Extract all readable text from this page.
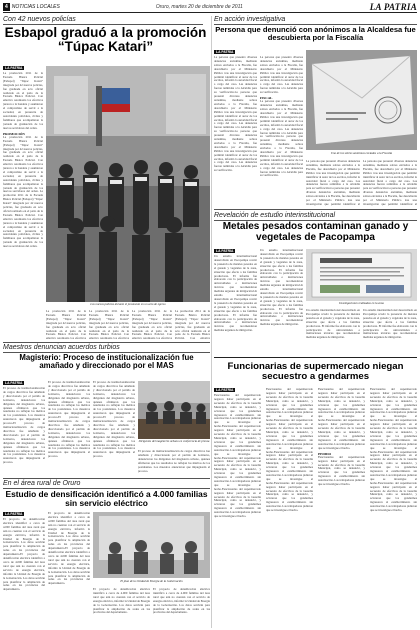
4 NOTICIAS LOCALES	Oruro, martes 20 de diciembre de 2011	LA PATRIA
Con 42 nuevos policías
Esbapol graduó a la promoción “Túpac Katari”
LA PATRIA
La promoción 2011 de la Escuela Básica Policial (Esbapol) "Túpac Katari" integrada por 42 nuevos policías, fue graduada en acto oficial realizado en el patio de la Escuela Básica Policial. Con emotiva ceremonia los efectivos juraron a la bandera y asumieron el compromiso de servir a la sociedad, en presencia de autoridades policiales, civiles y familiares que acompañaron la jornada de graduación de los nuevos servidores del orden.
PROMOCIÓN
La promoción 2011 de la Escuela Básica Policial (Esbapol) "Túpac Katari" integrada por 42 nuevos policías, fue graduada en acto oficial realizado en el patio de la Escuela Básica Policial. Con emotiva ceremonia los efectivos juraron a la bandera y asumieron el compromiso de servir a la sociedad, en presencia de autoridades policiales, civiles y familiares que acompañaron la jornada de graduación de los nuevos servidores del orden. La promoción 2011 de la Escuela Básica Policial (Esbapol) "Túpac Katari" integrada por 42 nuevos policías, fue graduada en acto oficial realizado en el patio de la Escuela Básica Policial. Con emotiva ceremonia los efectivos juraron a la bandera y asumieron el compromiso de servir a la sociedad, en presencia de autoridades policiales, civiles y familiares que acompañaron la jornada de graduación de los nuevos servidores del orden.
Los nuevos policías durante el juramento en un acto de egreso
La promoción 2011 de la Escuela Básica Policial (Esbapol) "Túpac Katari" integrada por 42 nuevos policías, fue graduada en acto oficial realizado en el patio de la Escuela Básica Policial. Con emotiva ceremonia los efectivos
La promoción 2011 de la Escuela Básica Policial (Esbapol) "Túpac Katari" integrada por 42 nuevos policías, fue graduada en acto oficial realizado en el patio de la Escuela Básica Policial. Con emotiva ceremonia los efectivos
La promoción 2011 de la Escuela Básica Policial (Esbapol) "Túpac Katari" integrada por 42 nuevos policías, fue graduada en acto oficial realizado en el patio de la Escuela Básica Policial. Con emotiva ceremonia los efectivos
La promoción 2011 de la Escuela Básica Policial (Esbapol) "Túpac Katari" integrada por 42 nuevos policías, fue graduada en acto oficial realizado en el patio de la Escuela Básica Policial. Con emotiva
En acción investigativa
Persona que denunció con anónimos a la Alcaldesa fue descubierta por la Fiscalía
LA PATRIA
La persona que presentó diversas denuncias anónimas, mediante sobres enviados a la Fiscalía, fue descubierta por el Ministerio Público tras una investigación que permitió identificar al autor de los escritos, informó la autoridad fiscal a cargo del caso. Las denuncias fueron remitidas a la Alcaldía para su verificación.La persona que presentó diversas denuncias anónimas, mediante sobres enviados a la Fiscalía, fue descubierta por el Ministerio Público tras una investigación que permitió identificar al autor de los escritos, informó la autoridad fiscal a cargo del caso. Las denuncias fueron remitidas a la Alcaldía para su verificación.La persona que presentó diversas denuncias anónimas, mediante sobres enviados a la Fiscalía, fue descubierta por el Ministerio Público tras una investigación que permitió identificar al autor de los escritos, informó la autoridad fiscal a cargo del caso. Las denuncias fueron remitidas a la Alcaldía para su verificación.
La persona que presentó diversas denuncias anónimas, mediante sobres enviados a la Fiscalía, fue descubierta por el Ministerio Público tras una investigación que permitió identificar al autor de los escritos, informó la autoridad fiscal a cargo del caso. Las denuncias fueron remitidas a la Alcaldía para su verificación.
FISCAL
La persona que presentó diversas denuncias anónimas, mediante sobres enviados a la Fiscalía, fue descubierta por el Ministerio Público tras una investigación que permitió identificar al autor de los escritos, informó la autoridad fiscal a cargo del caso. Las denuncias fueron remitidas a la Alcaldía para su verificación.La persona que presentó diversas denuncias anónimas, mediante sobres enviados a la Fiscalía, fue descubierta por el Ministerio Público tras una investigación que permitió identificar al autor de los escritos, informó la autoridad fiscal a cargo del caso. Las denuncias fueron remitidas a la Alcaldía para su verificación.
Uno de los sobres anónimos enviados a la Fiscalía
La persona que presentó diversas denuncias anónimas, mediante sobres enviados a la Fiscalía, fue descubierta por el Ministerio Público tras una investigación que permitió identificar al autor de los escritos, informó la autoridad fiscal a cargo del caso. Las denuncias fueron remitidas a la Alcaldía para su verificación.La persona que presentó diversas denuncias anónimas, mediante sobres enviados a la Fiscalía, fue descubierta por el Ministerio Público tras una investigación que permitió identificar al
La persona que presentó diversas denuncias anónimas, mediante sobres enviados a la Fiscalía, fue descubierta por el Ministerio Público tras una investigación que permitió identificar al autor de los escritos, informó la autoridad fiscal a cargo del caso. Las denuncias fueron remitidas a la Alcaldía para su verificación.La persona que presentó diversas denuncias anónimas, mediante sobres enviados a la Fiscalía, fue descubierta por el Ministerio Público tras una investigación que permitió identificar al
Revelación de estudio interinstitucional
Metales pesados contaminan ganado y vegetales de Pacopampa
LA PATRIA
Un estudio interinstitucional desarrollado en Pacopampa reveló la presencia de metales pesados en el ganado y vegetales de la zona, situación que afecta a las familias productoras. El informe fue elaborado con la participación de universidades e instituciones técnicas que recomendaron medidas urgentes de mitigación.Un estudio interinstitucional desarrollado en Pacopampa reveló la presencia de metales pesados en el ganado y vegetales de la zona, situación que afecta a las familias productoras. El informe fue elaborado con la participación de universidades e instituciones técnicas que recomendaron medidas urgentes de mitigación.
Un estudio interinstitucional desarrollado en Pacopampa reveló la presencia de metales pesados en el ganado y vegetales de la zona, situación que afecta a las familias productoras. El informe fue elaborado con la participación de universidades e instituciones técnicas que recomendaron medidas urgentes de mitigación.Un estudio interinstitucional desarrollado en Pacopampa reveló la presencia de metales pesados en el ganado y vegetales de la zona, situación que afecta a las familias productoras. El informe fue elaborado con la participación de universidades e instituciones técnicas que recomendaron medidas urgentes de mitigación.
Investigaciones realizadas en la zona
Un estudio interinstitucional desarrollado en Pacopampa reveló la presencia de metales pesados en el ganado y vegetales de la zona, situación que afecta a las familias productoras. El informe fue elaborado con la participación de universidades e instituciones técnicas que recomendaron medidas urgentes de mitigación.
Un estudio interinstitucional desarrollado en Pacopampa reveló la presencia de metales pesados en el ganado y vegetales de la zona, situación que afecta a las familias productoras. El informe fue elaborado con la participación de universidades e instituciones técnicas que recomendaron medidas urgentes de mitigación.
Maestros denuncian acuerdos turbios
Magisterio: Proceso de institucionalización fue amañado y direccionado por el MAS
LA PATRIA
El proceso de institucionalización de cargos directivos fue amañado y direccionado por el partido de Gobierno, denunciaron los dirigentes del magisterio urbano, quienes afirmaron que los resultados no reflejan los méritos de los postulantes. Los maestros anunciaron que impugnarán el proceso.El proceso de institucionalización de cargos directivos fue amañado y direccionado por el partido de Gobierno, denunciaron los dirigentes del magisterio urbano, quienes afirmaron que los resultados no reflejan los méritos de los postulantes. Los maestros anunciaron que impugnarán el proceso.
El proceso de institucionalización de cargos directivos fue amañado y direccionado por el partido de Gobierno, denunciaron los dirigentes del magisterio urbano, quienes afirmaron que los resultados no reflejan los méritos de los postulantes. Los maestros anunciaron que impugnarán el proceso.El proceso de institucionalización de cargos directivos fue amañado y direccionado por el partido de Gobierno, denunciaron los dirigentes del magisterio urbano, quienes afirmaron que los resultados no reflejan los méritos de los postulantes. Los maestros anunciaron que impugnarán el proceso.
El proceso de institucionalización de cargos directivos fue amañado y direccionado por el partido de Gobierno, denunciaron los dirigentes del magisterio urbano, quienes afirmaron que los resultados no reflejan los méritos de los postulantes. Los maestros anunciaron que impugnarán el proceso.El proceso de institucionalización de cargos directivos fue amañado y direccionado por el partido de Gobierno, denunciaron los dirigentes del magisterio urbano, quienes afirmaron que los resultados no reflejan los méritos de los postulantes. Los maestros anunciaron que impugnarán el proceso.
Dirigentes del magisterio urbano en conferencia de prensa
El proceso de institucionalización de cargos directivos fue amañado y direccionado por el partido de Gobierno, denunciaron los dirigentes del magisterio urbano, quienes afirmaron que los resultados no reflejan los méritos de los postulantes. Los maestros anunciaron que impugnarán el proceso.
En el área rural de Oruro
Estudio de densificación identificó a 4.000 familias sin servicio eléctrico
LA PATRIA
El proyecto de densificación eléctrica identificó a cerca de 4.000 familias del área rural que aún no cuentan con el servicio de energía eléctrica, informó la Unidad de Energía de la Gobernación. Los datos servirán para planificar la ampliación de redes en las provincias del departamento.El proyecto de densificación eléctrica identificó a cerca de 4.000 familias del área rural que aún no cuentan con el servicio de energía eléctrica, informó la Unidad de Energía de la Gobernación. Los datos servirán para planificar la ampliación de redes en las provincias del departamento.
El proyecto de densificación eléctrica identificó a cerca de 4.000 familias del área rural que aún no cuentan con el servicio de energía eléctrica, informó la Unidad de Energía de la Gobernación. Los datos servirán para planificar la ampliación de redes en las provincias del departamento.El proyecto de densificación eléctrica identificó a cerca de 4.000 familias del área rural que aún no cuentan con el servicio de energía eléctrica, informó la Unidad de Energía de la Gobernación. Los datos servirán para planificar la ampliación de redes en las provincias del departamento.
El plan de la Unidad de Energía de la Gobernación
El proyecto de densificación eléctrica identificó a cerca de 4.000 familias del área rural que aún no cuentan con el servicio de energía eléctrica, informó la Unidad de Energía de la Gobernación. Los datos servirán para planificar la ampliación de redes en las provincias del departamento.
El proyecto de densificación eléctrica identificó a cerca de 4.000 familias del área rural que aún no cuentan con el servicio de energía eléctrica, informó la Unidad de Energía de la Gobernación. Los datos servirán para planificar la ampliación de redes en las provincias del departamento.
Funcionarias de supermercado niegan secuestro a gendarmes
LA PATRIA
Funcionarias del supermercado negaron haber participado en el secuestro de efectivos de la Guardia Municipal, como se denunció, y aclararon que los gendarmes ingresaron al establecimiento sin autorización. Las trabajadoras pidieron que se investigue el hecho.Funcionarias del supermercado negaron haber participado en el secuestro de efectivos de la Guardia Municipal, como se denunció, y aclararon que los gendarmes ingresaron al establecimiento sin autorización. Las trabajadoras pidieron que se investigue el hecho.Funcionarias del supermercado negaron haber participado en el secuestro de efectivos de la Guardia Municipal, como se denunció, y aclararon que los gendarmes ingresaron al establecimiento sin autorización. Las trabajadoras pidieron que se investigue el hecho.Funcionarias del supermercado negaron haber participado en el secuestro de efectivos de la Guardia Municipal, como se denunció, y aclararon que los gendarmes ingresaron al establecimiento sin autorización. Las trabajadoras pidieron que se investigue el hecho.
Funcionarias del supermercado negaron haber participado en el secuestro de efectivos de la Guardia Municipal, como se denunció, y aclararon que los gendarmes ingresaron al establecimiento sin autorización. Las trabajadoras pidieron que se investigue el hecho.Funcionarias del supermercado negaron haber participado en el secuestro de efectivos de la Guardia Municipal, como se denunció, y aclararon que los gendarmes ingresaron al establecimiento sin autorización. Las trabajadoras pidieron que se investigue el hecho.Funcionarias del supermercado negaron haber participado en el secuestro de efectivos de la Guardia Municipal, como se denunció, y aclararon que los gendarmes ingresaron al establecimiento sin autorización. Las trabajadoras pidieron que se investigue el hecho.Funcionarias del supermercado negaron haber participado en el secuestro de efectivos de la Guardia Municipal, como se denunció, y aclararon que los gendarmes ingresaron al establecimiento sin autorización. Las trabajadoras pidieron que se investigue el hecho.
Funcionarias del supermercado negaron haber participado en el secuestro de efectivos de la Guardia Municipal, como se denunció, y aclararon que los gendarmes ingresaron al establecimiento sin autorización. Las trabajadoras pidieron que se investigue el hecho.Funcionarias del supermercado negaron haber participado en el secuestro de efectivos de la Guardia Municipal, como se denunció, y aclararon que los gendarmes ingresaron al establecimiento sin autorización. Las trabajadoras pidieron que se investigue el hecho.
PEDIDO
Funcionarias del supermercado negaron haber participado en el secuestro de efectivos de la Guardia Municipal, como se denunció, y aclararon que los gendarmes ingresaron al establecimiento sin autorización. Las trabajadoras pidieron que se investigue el hecho.
Funcionarias del supermercado negaron haber participado en el secuestro de efectivos de la Guardia Municipal, como se denunció, y aclararon que los gendarmes ingresaron al establecimiento sin autorización. Las trabajadoras pidieron que se investigue el hecho.Funcionarias del supermercado negaron haber participado en el secuestro de efectivos de la Guardia Municipal, como se denunció, y aclararon que los gendarmes ingresaron al establecimiento sin autorización. Las trabajadoras pidieron que se investigue el hecho.Funcionarias del supermercado negaron haber participado en el secuestro de efectivos de la Guardia Municipal, como se denunció, y aclararon que los gendarmes ingresaron al establecimiento sin autorización. Las trabajadoras pidieron que se investigue el hecho.Funcionarias del supermercado negaron haber participado en el secuestro de efectivos de la Guardia Municipal, como se denunció, y aclararon que los gendarmes ingresaron al establecimiento sin autorización. Las trabajadoras pidieron que se investigue el hecho.
